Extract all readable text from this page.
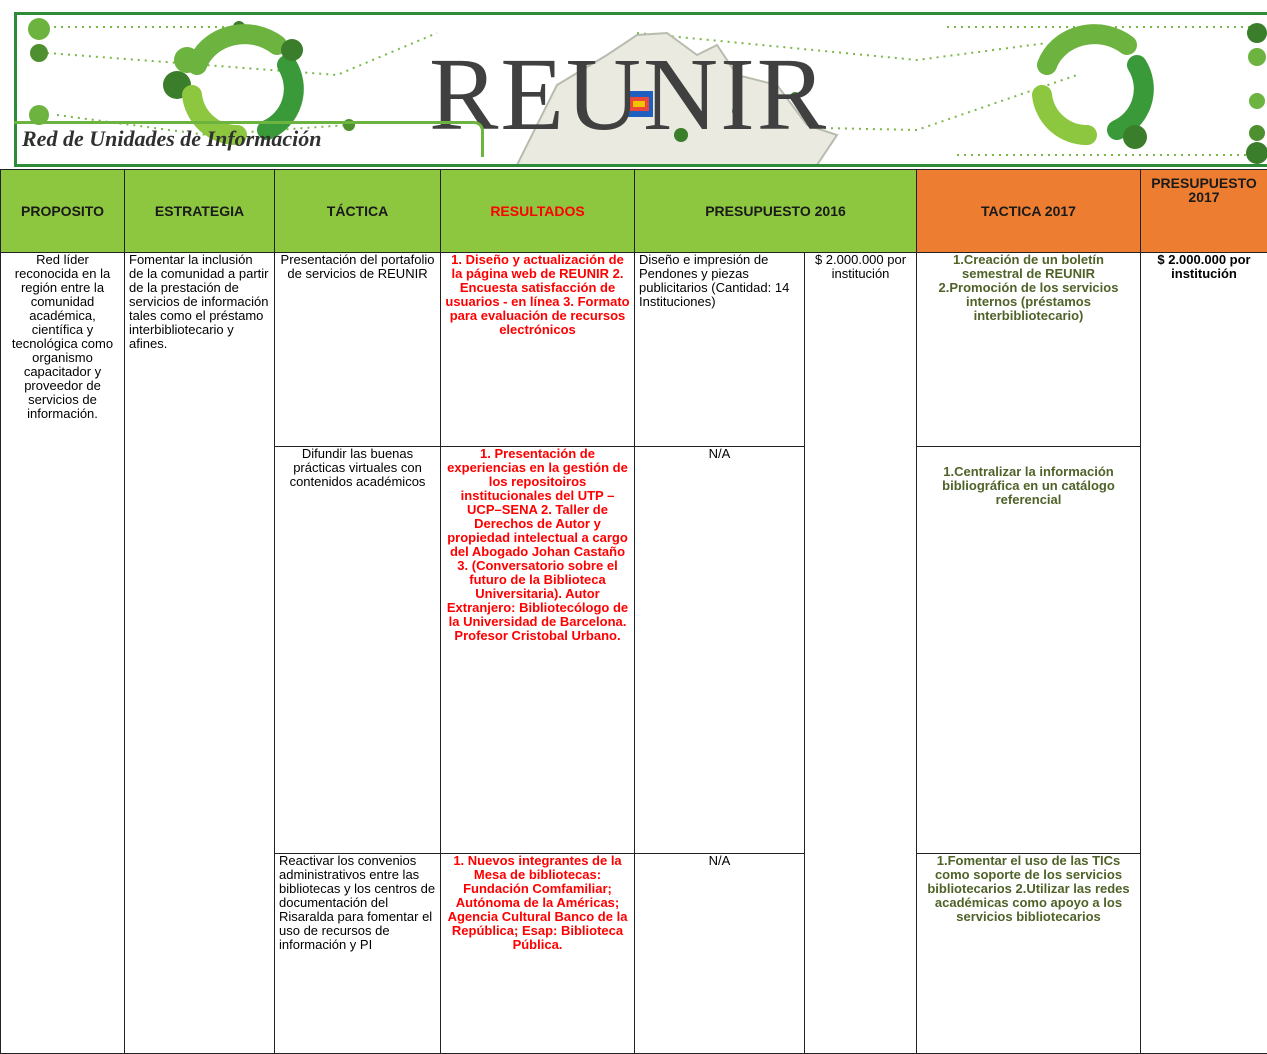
REUNIR
Red de Unidades de Información
PROPOSITO	ESTRATEGIA	TÁCTICA	RESULTADOS	PRESUPUESTO 2016		TACTICA 2017	PRESUPUESTO 2017
Red líder reconocida en la región entre la comunidad académica, científica y tecnológica como organismo capacitador y proveedor de servicios de información.	Fomentar la inclusión de la comunidad a partir de la prestación de servicios de información tales como el préstamo interbibliotecario y afines.	Presentación del portafolio de servicios de REUNIR	1. Diseño y actualización de la página web de REUNIR 2. Encuesta satisfacción de usuarios - en línea 3. Formato para evaluación de recursos electrónicos	Diseño e impresión de Pendones y piezas publicitarios (Cantidad: 14 Instituciones)	$ 2.000.000 por institución	1.Creación de un boletín semestral de REUNIR 2.Promoción de los servicios internos (préstamos interbibliotecario)	$ 2.000.000 por institución
		Difundir las buenas prácticas virtuales con contenidos académicos	1. Presentación de experiencias en la gestión de los repositoiros institucionales del UTP – UCP–SENA 2. Taller de Derechos de Autor y propiedad intelectual a cargo del Abogado Johan Castaño 3. (Conversatorio sobre el futuro de la Biblioteca Universitaria). Autor Extranjero: Bibliotecólogo de la Universidad de Barcelona. Profesor Cristobal Urbano.	N/A		1.Centralizar la información bibliográfica en un catálogo referencial	
		Reactivar los convenios administrativos entre las bibliotecas y los centros de documentación del Risaralda para fomentar el uso de recursos de información y PI	1. Nuevos integrantes de la Mesa de bibliotecas: Fundación Comfamiliar; Autónoma de la Américas; Agencia Cultural Banco de la República; Esap: Biblioteca Pública.	N/A		1.Fomentar el uso de las TICs como soporte de los servicios bibliotecarios 2.Utilizar las redes académicas como apoyo a los servicios bibliotecarios	
